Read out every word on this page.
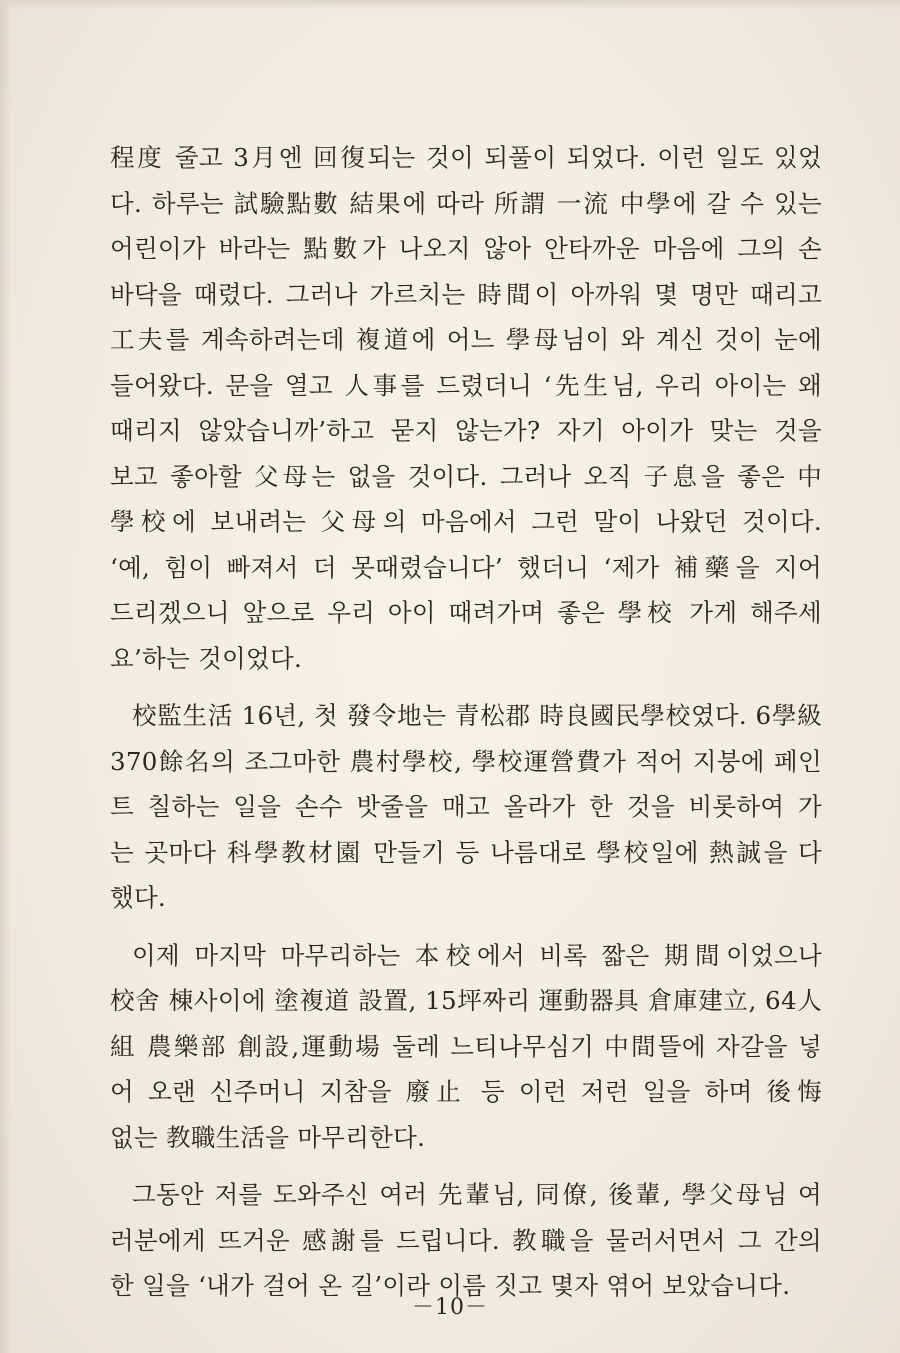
程度 줄고 3月엔 回復되는 것이 되풀이 되었다. 이런 일도 있었
다. 하루는 試驗點數 結果에 따라 所謂 一流 中學에 갈 수 있는
어린이가 바라는 點數가 나오지 않아 안타까운 마음에 그의 손
바닥을 때렸다. 그러나 가르치는 時間이 아까워 몇 명만 때리고
工夫를 계속하려는데 複道에 어느 學母님이 와 계신 것이 눈에
들어왔다. 문을 열고 人事를 드렸더니 ‘先生님, 우리 아이는 왜
때리지 않았습니까’하고 묻지 않는가? 자기 아이가 맞는 것을
보고 좋아할 父母는 없을 것이다. 그러나 오직 子息을 좋은 中
學校에 보내려는 父母의 마음에서 그런 말이 나왔던 것이다.
‘예, 힘이 빠져서 더 못때렸습니다’ 했더니 ‘제가 補藥을 지어
드리겠으니 앞으로 우리 아이 때려가며 좋은 學校 가게 해주세
요’하는 것이었다.
校監生活 16년, 첫 發令地는 青松郡 時良國民學校였다. 6學級
370餘名의 조그마한 農村學校, 學校運營費가 적어 지붕에 페인
트 칠하는 일을 손수 밧줄을 매고 올라가 한 것을 비롯하여 가
는 곳마다 科學教材園 만들기 등 나름대로 學校일에 熱誠을 다
했다.
이제 마지막 마무리하는 本校에서 비록 짧은 期間이었으나
校舍 棟사이에 塗複道 設置, 15坪짜리 運動器具 倉庫建立, 64人
組 農樂部 創設,運動場 둘레 느티나무심기 中間뜰에 자갈을 넣
어 오랜 신주머니 지참을 廢止 등 이런 저런 일을 하며 後悔
없는 教職生活을 마무리한다.
그동안 저를 도와주신 여러 先輩님, 同僚, 後輩, 學父母님 여
러분에게 뜨거운 感謝를 드립니다. 教職을 물러서면서 그 간의
한 일을 ‘내가 걸어 온 길’이라 이름 짓고 몇자 엮어 보았습니다.
－10－
